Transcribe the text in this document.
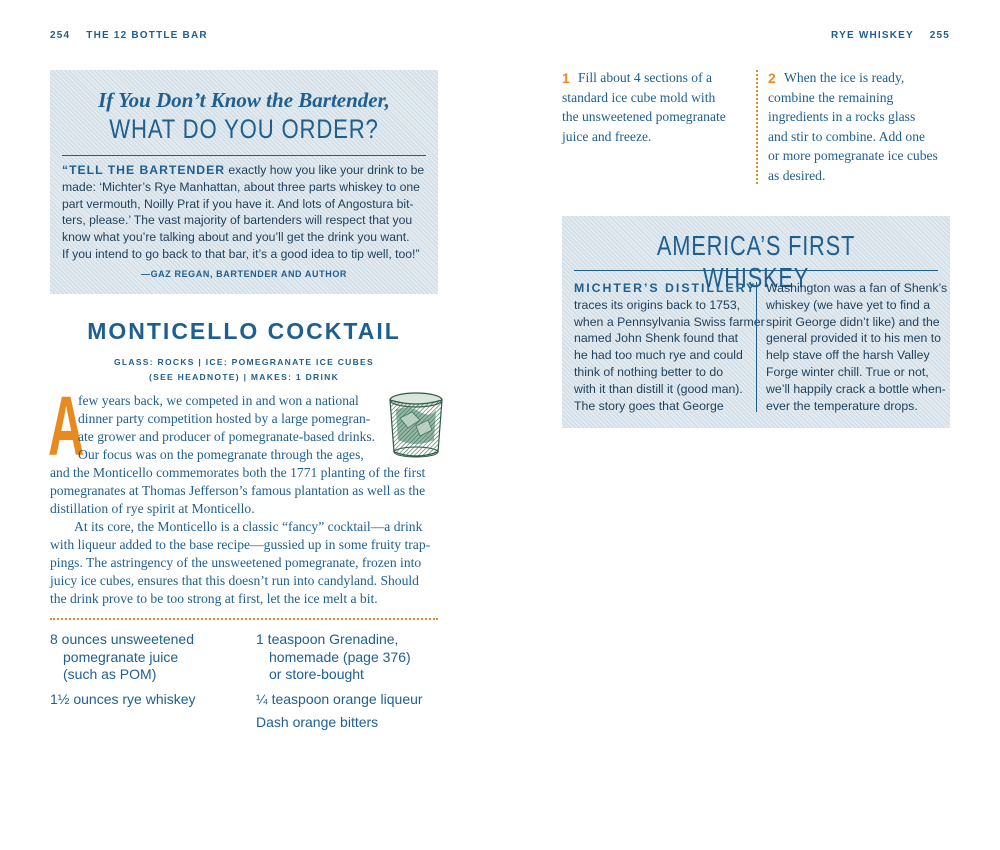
254 THE 12 BOTTLE BAR	RYE WHISKEY 255
If You Don’t Know the Bartender,
WHAT DO YOU ORDER?
“TELL THE BARTENDER exactly how you like your drink to be
made: ‘Michter’s Rye Manhattan, about three parts whiskey to one
part vermouth, Noilly Prat if you have it. And lots of Angostura bit-
ters, please.’ The vast majority of bartenders will respect that you
know what you’re talking about and you’ll get the drink you want.
If you intend to go back to that bar, it’s a good idea to tip well, too!”
—GAZ REGAN, BARTENDER AND AUTHOR
MONTICELLO COCKTAIL
GLASS: ROCKS | ICE: POMEGRANATE ICE CUBES
(SEE HEADNOTE) | MAKES: 1 DRINK
A
few years back, we competed in and won a national
dinner party competition hosted by a large pomegran-
ate grower and producer of pomegranate-based drinks.
Our focus was on the pomegranate through the ages,
and the Monticello commemorates both the 1771 planting of the first
pomegranates at Thomas Jefferson’s famous plantation as well as the
distillation of rye spirit at Monticello.
At its core, the Monticello is a classic “fancy” cocktail—a drink
with liqueur added to the base recipe—gussied up in some fruity trap-
pings. The astringency of the unsweetened pomegranate, frozen into
juicy ice cubes, ensures that this doesn’t run into candyland. Should
the drink prove to be too strong at first, let the ice melt a bit.
8 ounces unsweetened
pomegranate juice
(such as POM)
1½ ounces rye whiskey
1 teaspoon Grenadine,
homemade (page 376)
or store-bought
¼ teaspoon orange liqueur
Dash orange bitters
1 Fill about 4 sections of a
standard ice cube mold with
the unsweetened pomegranate
juice and freeze.
2 When the ice is ready,
combine the remaining
ingredients in a rocks glass
and stir to combine. Add one
or more pomegranate ice cubes
as desired.
AMERICA’S FIRST WHISKEY
MICHTER’S DISTILLERY
traces its origins back to 1753,
when a Pennsylvania Swiss farmer
named John Shenk found that
he had too much rye and could
think of nothing better to do
with it than distill it (good man).
The story goes that George
Washington was a fan of Shenk’s
whiskey (we have yet to find a
spirit George didn’t like) and the
general provided it to his men to
help stave off the harsh Valley
Forge winter chill. True or not,
we’ll happily crack a bottle when-
ever the temperature drops.
